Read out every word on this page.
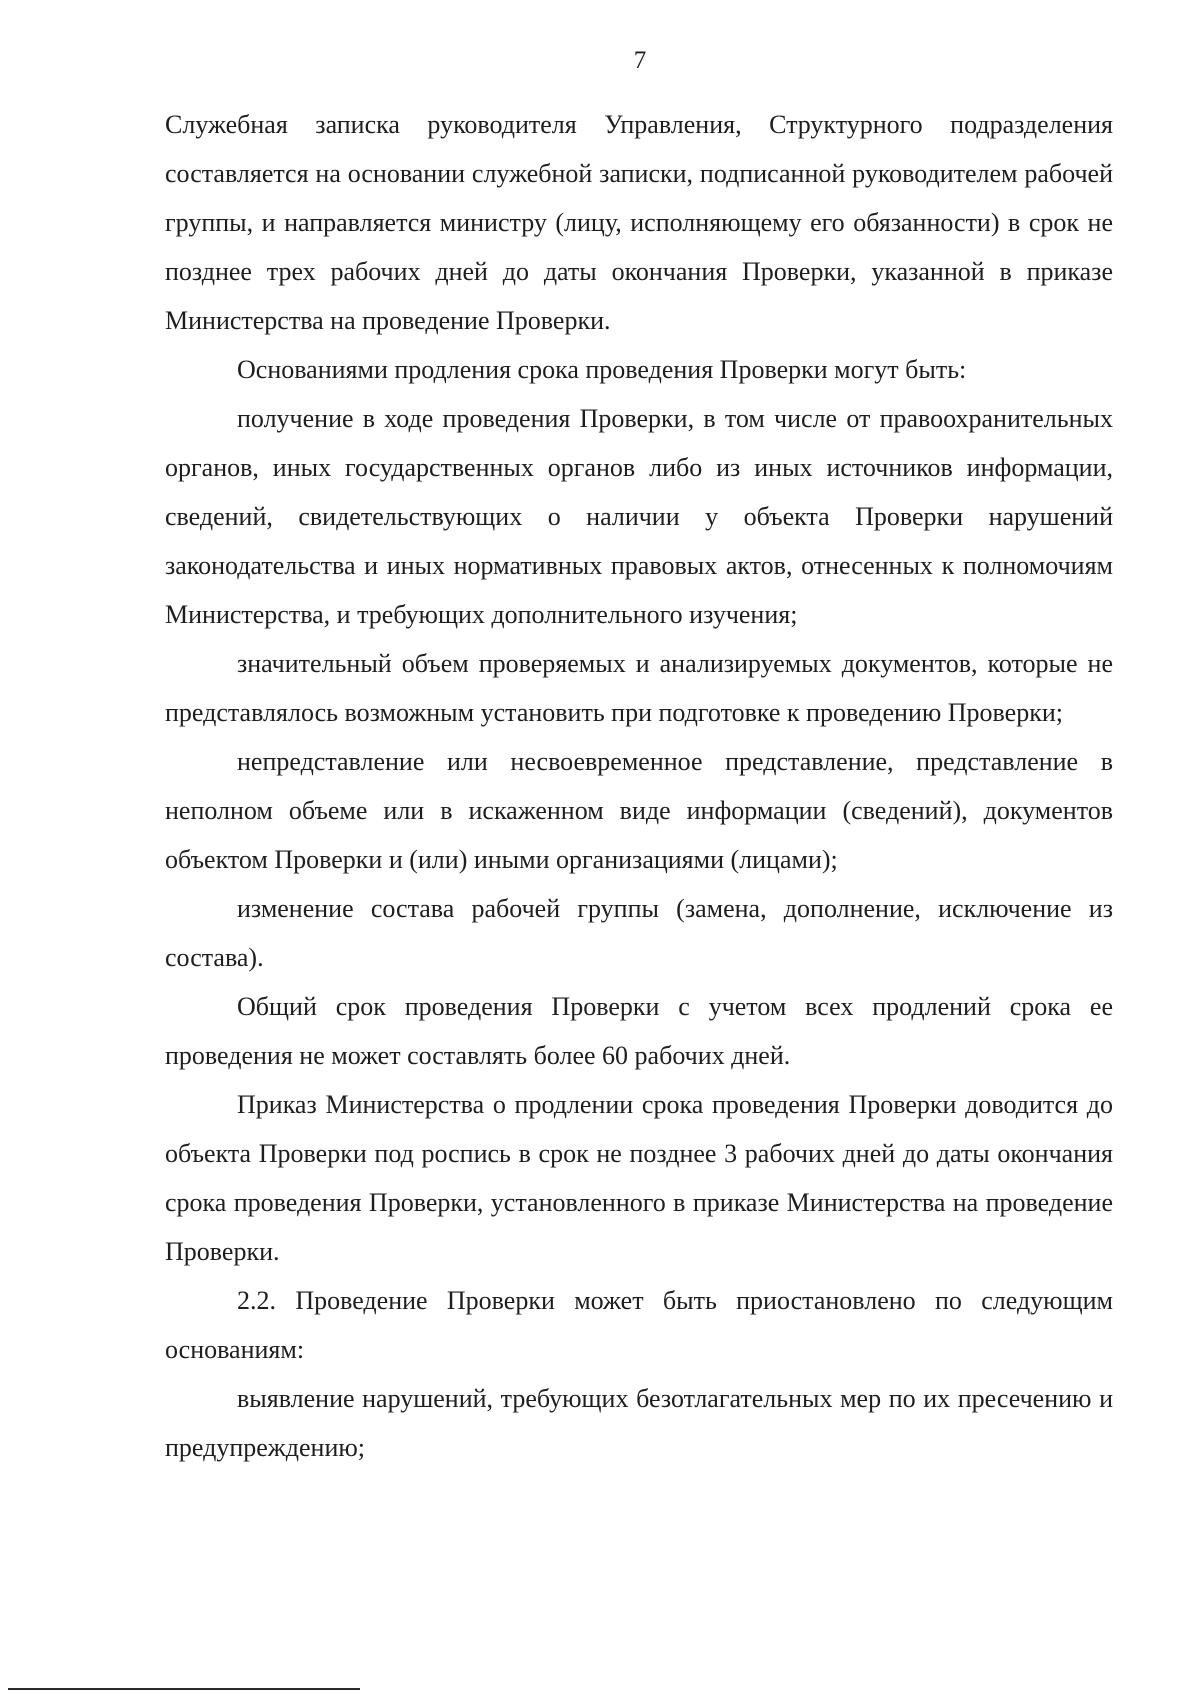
7

Служебная записка руководителя Управления, Структурного подразделения составляется на основании служебной записки, подписанной руководителем рабочей группы, и направляется министру (лицу, исполняющему его обязанности) в срок не позднее трех рабочих дней до даты окончания Проверки, указанной в приказе Министерства на проведение Проверки.

Основаниями продления срока проведения Проверки могут быть:

получение в ходе проведения Проверки, в том числе от правоохранительных органов, иных государственных органов либо из иных источников информации, сведений, свидетельствующих о наличии у объекта Проверки нарушений законодательства и иных нормативных правовых актов, отнесенных к полномочиям Министерства, и требующих дополнительного изучения;

значительный объем проверяемых и анализируемых документов, которые не представлялось возможным установить при подготовке к проведению Проверки;

непредставление или несвоевременное представление, представление в неполном объеме или в искаженном виде информации (сведений), документов объектом Проверки и (или) иными организациями (лицами);

изменение состава рабочей группы (замена, дополнение, исключение из состава).

Общий срок проведения Проверки с учетом всех продлений срока ее проведения не может составлять более 60 рабочих дней.

Приказ Министерства о продлении срока проведения Проверки доводится до объекта Проверки под роспись в срок не позднее 3 рабочих дней до даты окончания срока проведения Проверки, установленного в приказе Министерства на проведение Проверки.

2.2. Проведение Проверки может быть приостановлено по следующим основаниям:

выявление нарушений, требующих безотлагательных мер по их пресечению и предупреждению;
